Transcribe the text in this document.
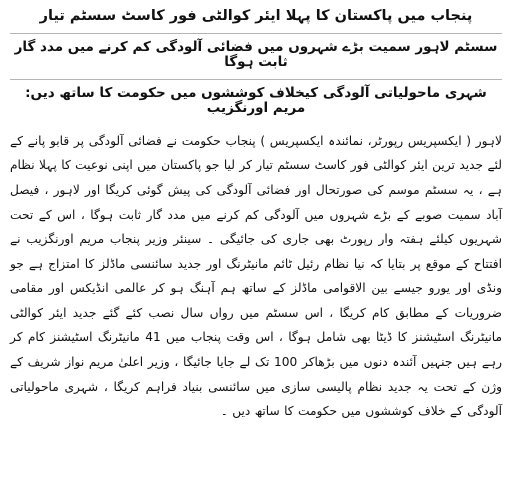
پنجاب میں پاکستان کا پہلا ایئر کوالٹی فور کاسٹ سسٹم تیار
سسٹم لاہور سمیت بڑے شہروں میں فضائی آلودگی کم کرنے میں مدد گار ثابت ہوگا
شہری ماحولیاتی آلودگی کیخلاف کوششوں میں حکومت کا ساتھ دیں: مریم اورنگزیب

لاہور ( ایکسپریس رپورٹر، نمائندہ ایکسپریس ) پنجاب حکومت نے فضائی آلودگی پر قابو پانے کے لئے جدید ترین ایئر کوالٹی فور کاسٹ سسٹم تیار کر لیا جو پاکستان میں اپنی نوعیت کا پہلا نظام ہے ، یہ سسٹم موسم کی صورتحال اور فضائی آلودگی کی پیش گوئی کریگا اور لاہور ، فیصل آباد سمیت صوبے کے بڑے شہروں میں آلودگی کم کرنے میں مدد گار ثابت ہوگا ، اس کے تحت شہریوں کیلئے ہفتہ وار رپورٹ بھی جاری کی جائیگی ۔ سینئر وزیر پنجاب مریم اورنگزیب نے افتتاح کے موقع پر بتایا کہ نیا نظام رئیل ٹائم مانیٹرنگ اور جدید سائنسی ماڈلز کا امتزاج ہے جو ونڈی اور یورو جیسے بین الاقوامی ماڈلز کے ساتھ ہم آہنگ ہو کر عالمی انڈیکس اور مقامی ضروریات کے مطابق کام کریگا ، اس سسٹم میں رواں سال نصب کئے گئے جدید ایئر کوالٹی مانیٹرنگ اسٹیشنز کا ڈیٹا بھی شامل ہوگا ، اس وقت پنجاب میں 41 مانیٹرنگ اسٹیشنز کام کر رہے ہیں جنہیں آئندہ دنوں میں بڑھاکر 100 تک لے جایا جائیگا ، وزیر اعلیٰ مریم نواز شریف کے وژن کے تحت یہ جدید نظام پالیسی سازی میں سائنسی بنیاد فراہم کریگا ، شہری ماحولیاتی آلودگی کے خلاف کوششوں میں حکومت کا ساتھ دیں ۔
